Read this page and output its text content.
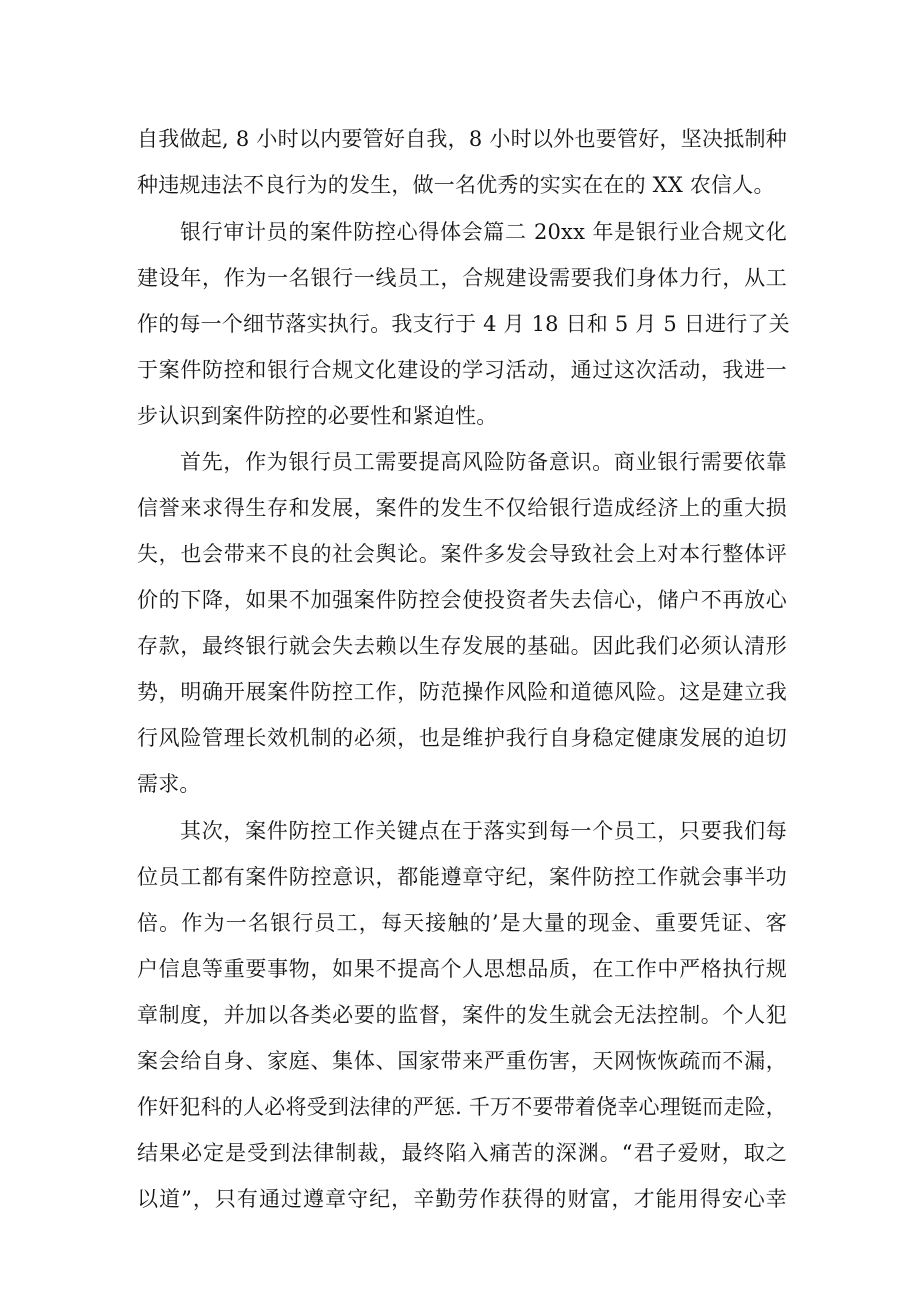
自我做起, 8 小时以内要管好自我，8 小时以外也要管好，坚决抵制种
种违规违法不良行为的发生，做一名优秀的实实在在的 XX 农信人。
银行审计员的案件防控心得体会篇二 20xx 年是银行业合规文化
建设年，作为一名银行一线员工，合规建设需要我们身体力行，从工
作的每一个细节落实执行。我支行于 4 月 18 日和 5 月 5 日进行了关
于案件防控和银行合规文化建设的学习活动，通过这次活动，我进一
步认识到案件防控的必要性和紧迫性。
首先，作为银行员工需要提高风险防备意识。商业银行需要依靠
信誉来求得生存和发展，案件的发生不仅给银行造成经济上的重大损
失，也会带来不良的社会舆论。案件多发会导致社会上对本行整体评
价的下降，如果不加强案件防控会使投资者失去信心，储户不再放心
存款，最终银行就会失去赖以生存发展的基础。因此我们必须认清形
势，明确开展案件防控工作，防范操作风险和道德风险。这是建立我
行风险管理长效机制的必须，也是维护我行自身稳定健康发展的迫切
需求。
其次，案件防控工作关键点在于落实到每一个员工，只要我们每
位员工都有案件防控意识，都能遵章守纪，案件防控工作就会事半功
倍。作为一名银行员工，每天接触的’是大量的现金、重要凭证、客
户信息等重要事物，如果不提高个人思想品质，在工作中严格执行规
章制度，并加以各类必要的监督，案件的发生就会无法控制。个人犯
案会给自身、家庭、集体、国家带来严重伤害，天网恢恢疏而不漏，
作奸犯科的人必将受到法律的严惩. 千万不要带着侥幸心理铤而走险，
结果必定是受到法律制裁，最终陷入痛苦的深渊。“君子爱财，取之
以道”，只有通过遵章守纪，辛勤劳作获得的财富，才能用得安心幸
